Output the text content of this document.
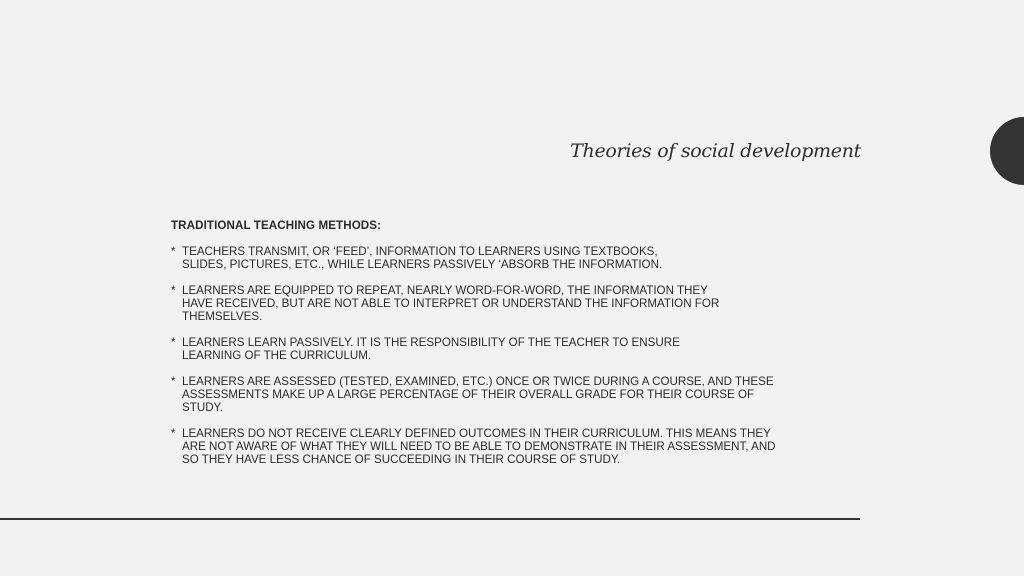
Theories of social development
TRADITIONAL TEACHING METHODS:
* TEACHERS TRANSMIT, OR ‘FEED’, INFORMATION TO LEARNERS USING TEXTBOOKS,
SLIDES, PICTURES, ETC., WHILE LEARNERS PASSIVELY ‘ABSORB THE INFORMATION.
* LEARNERS ARE EQUIPPED TO REPEAT, NEARLY WORD-FOR-WORD, THE INFORMATION THEY
HAVE RECEIVED, BUT ARE NOT ABLE TO INTERPRET OR UNDERSTAND THE INFORMATION FOR
THEMSELVES.
* LEARNERS LEARN PASSIVELY. IT IS THE RESPONSIBILITY OF THE TEACHER TO ENSURE
LEARNING OF THE CURRICULUM.
* LEARNERS ARE ASSESSED (TESTED, EXAMINED, ETC.) ONCE OR TWICE DURING A COURSE, AND THESE
ASSESSMENTS MAKE UP A LARGE PERCENTAGE OF THEIR OVERALL GRADE FOR THEIR COURSE OF
STUDY.
* LEARNERS DO NOT RECEIVE CLEARLY DEFINED OUTCOMES IN THEIR CURRICULUM. THIS MEANS THEY
ARE NOT AWARE OF WHAT THEY WILL NEED TO BE ABLE TO DEMONSTRATE IN THEIR ASSESSMENT, AND
SO THEY HAVE LESS CHANCE OF SUCCEEDING IN THEIR COURSE OF STUDY.
